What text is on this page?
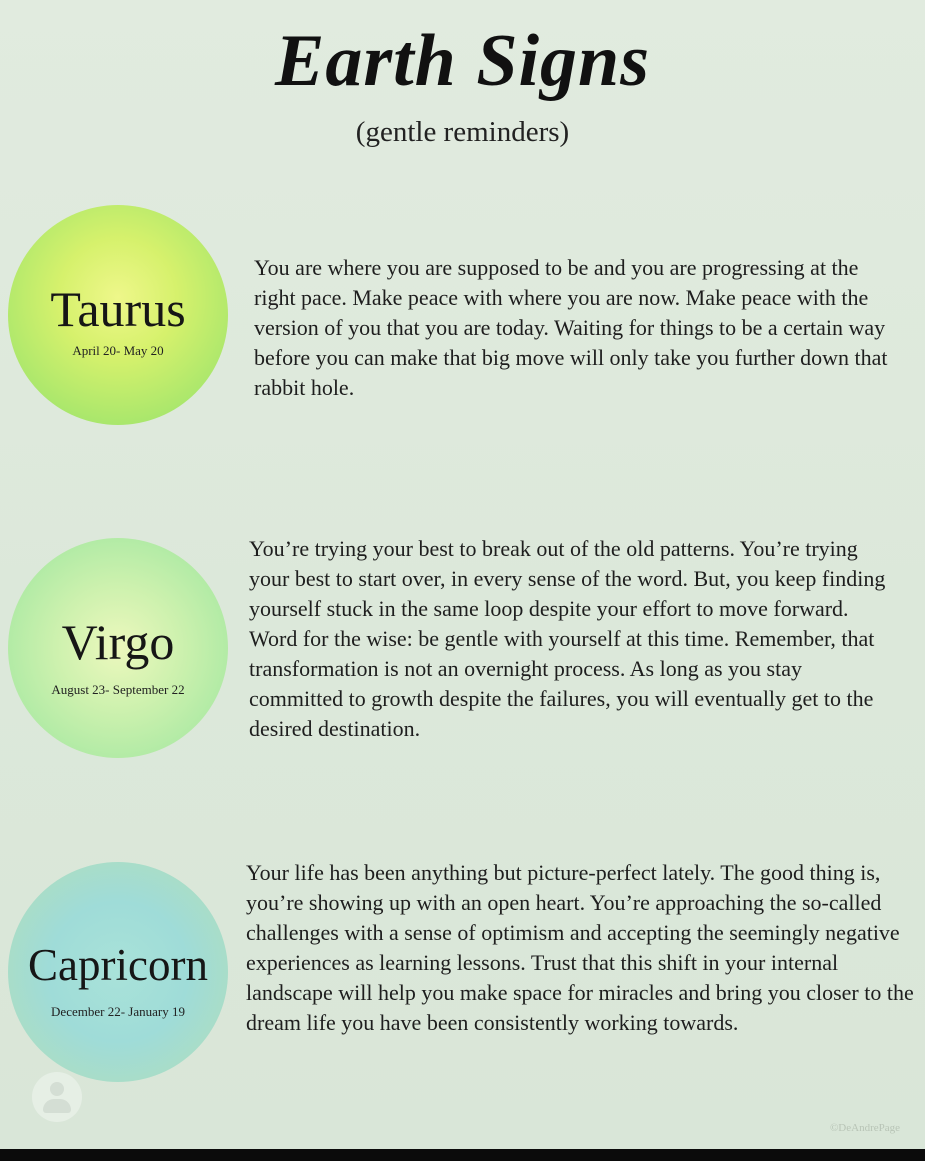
Earth Signs
(gentle reminders)
Taurus
April 20- May 20
You are where you are supposed to be and you are progressing at the right pace. Make peace with where you are now. Make peace with the version of you that you are today. Waiting for things to be a certain way before you can make that big move will only take you further down that rabbit hole.
Virgo
August 23- September 22
You’re trying your best to break out of the old patterns. You’re trying your best to start over, in every sense of the word. But, you keep finding yourself stuck in the same loop despite your effort to move forward. Word for the wise: be gentle with yourself at this time. Remember, that transformation is not an overnight process. As long as you stay committed to growth despite the failures, you will eventually get to the desired destination.
Capricorn
December 22- January 19
Your life has been anything but picture-perfect lately. The good thing is, you’re showing up with an open heart. You’re approaching the so-called challenges with a sense of optimism and accepting the seemingly negative experiences as learning lessons. Trust that this shift in your internal landscape will help you make space for miracles and bring you closer to the dream life you have been consistently working towards.
©DeAndrePage
